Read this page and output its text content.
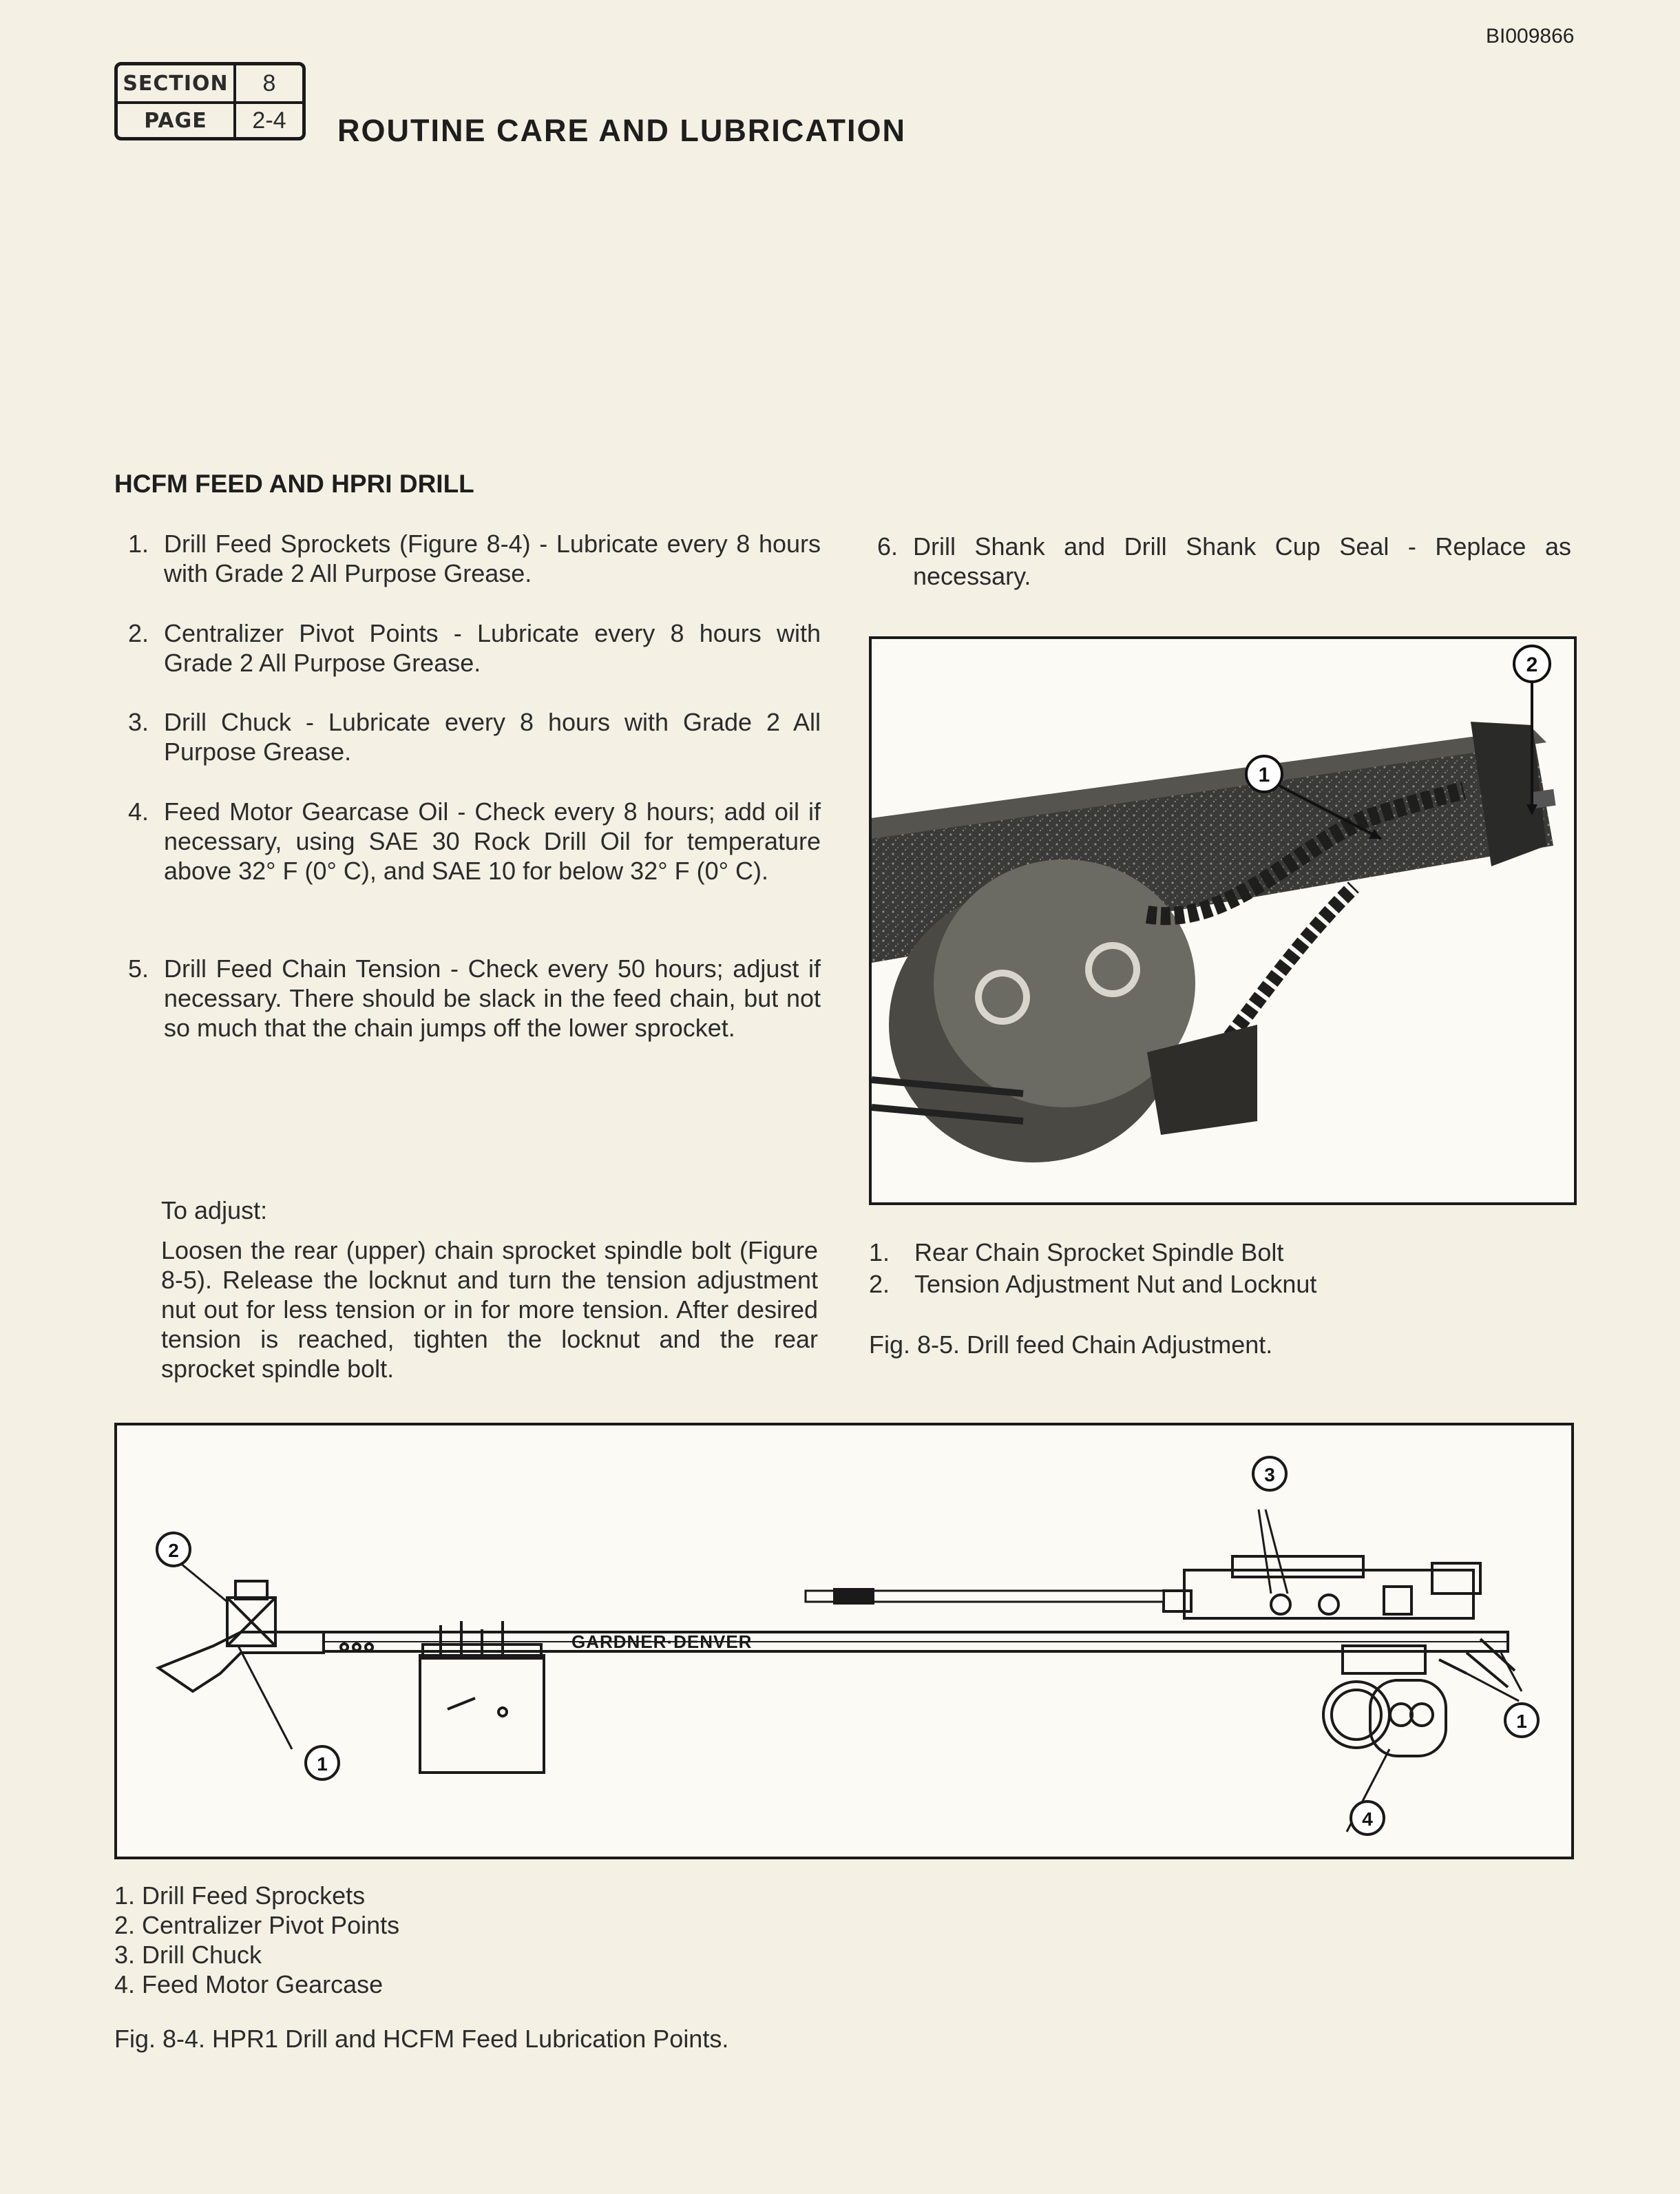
BI009866
SECTION	8
PAGE	2-4	ROUTINE CARE AND LUBRICATION
HCFM FEED AND HPRI DRILL
1. Drill Feed Sprockets (Figure 8-4) - Lubricate every 8 hours with Grade 2 All Purpose Grease.
2. Centralizer Pivot Points - Lubricate every 8 hours with Grade 2 All Purpose Grease.
3. Drill Chuck - Lubricate every 8 hours with Grade 2 All Purpose Grease.
4. Feed Motor Gearcase Oil - Check every 8 hours; add oil if necessary, using SAE 30 Rock Drill Oil for temperature above 32° F (0° C), and SAE 10 for below 32° F (0° C).
5. Drill Feed Chain Tension - Check every 50 hours; adjust if necessary. There should be slack in the feed chain, but not so much that the chain jumps off the lower sprocket.
6. Drill Shank and Drill Shank Cup Seal - Replace as necessary.
To adjust:
Loosen the rear (upper) chain sprocket spindle bolt (Figure 8-5). Release the locknut and turn the tension adjustment nut out for less tension or in for more tension. After desired tension is reached, tighten the locknut and the rear sprocket spindle bolt.
1
2
1. Rear Chain Sprocket Spindle Bolt
2. Tension Adjustment Nut and Locknut
Fig. 8-5. Drill feed Chain Adjustment.
GARDNER·DENVER
1
2
3
4
1
1. Drill Feed Sprockets
2. Centralizer Pivot Points
3. Drill Chuck
4. Feed Motor Gearcase
Fig. 8-4. HPR1 Drill and HCFM Feed Lubrication Points.
